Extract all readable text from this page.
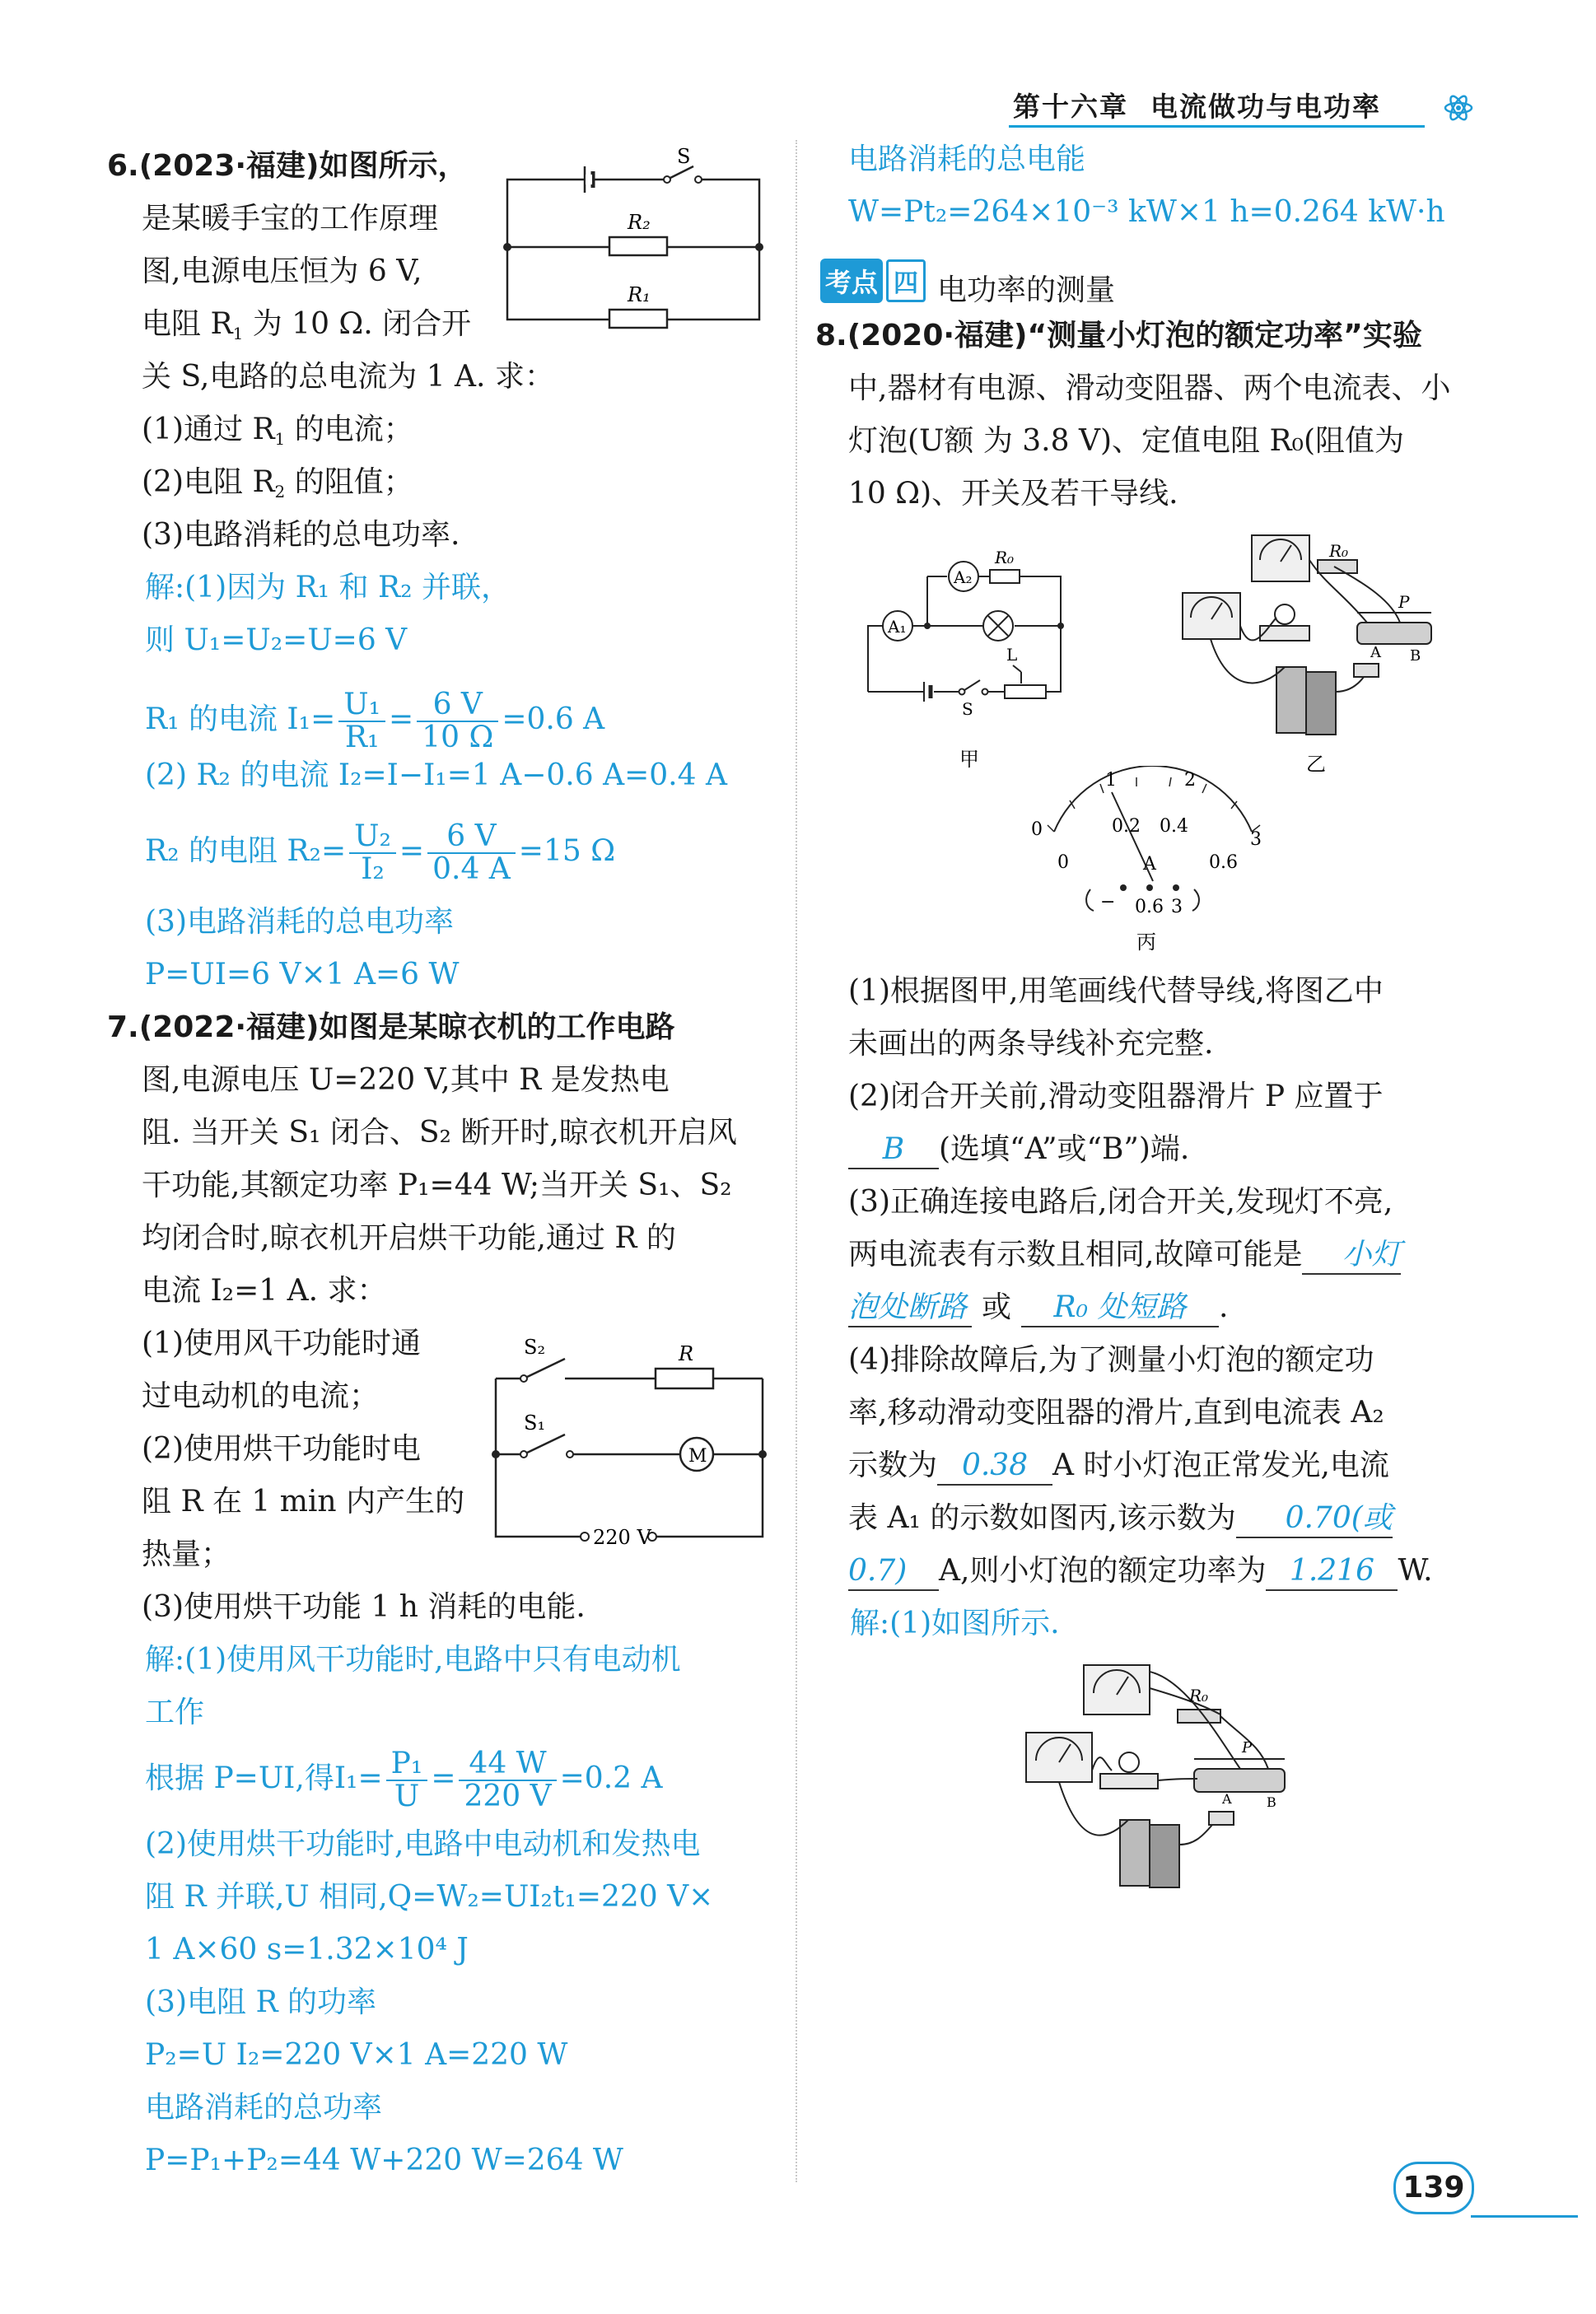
第十六章 电流做功与电功率
6.(2023·福建)如图所示，
是某暖手宝的工作原理
图,电源电压恒为 6 V,
电阻 $R_1$ 为 10 Ω. 闭合开
关 S,电路的总电流为 1 A. 求：
(1)通过 $R_1$ 的电流；
(2)电阻 $R_2$ 的阻值；
(3)电路消耗的总电功率.
S
R₂
R₁
解:(1)因为 R₁ 和 R₂ 并联，
则 U₁=U₂=U=6 V
R₁ 的电流 $I_1= \frac{\text{U₁}}{\text{R₁}} = \frac{6 V}{10 \Omega} =0.6$ A
(2) R₂ 的电流 I₂=I−I₁=1 A−0.6 A=0.4 A
R₂ 的电阻 $R_2= \frac{\text{U₂}}{\text{I₂}} = \frac{6 V}{0.4 A} =15$ Ω
(3)电路消耗的总电功率
P=UI=6 V×1 A=6 W
7.(2022·福建)如图是某晾衣机的工作电路
图,电源电压 U=220 V,其中 R 是发热电
阻. 当开关 S₁ 闭合、S₂ 断开时,晾衣机开启风
干功能,其额定功率 P₁=44 W;当开关 S₁、S₂
均闭合时,晾衣机开启烘干功能,通过 R 的
电流 I₂=1 A. 求：
(1)使用风干功能时通
过电动机的电流；
(2)使用烘干功能时电
阻 R 在 1 min 内产生的
热量；
(3)使用烘干功能 1 h 消耗的电能.
S₂
S₁
R
M
220 V
解:(1)使用风干功能时,电路中只有电动机
工作
根据 P=UI,得$I_1= \frac{\text{P₁}}{U} = \frac{44 W}{220 V} =0.2$ A
(2)使用烘干功能时,电路中电动机和发热电
阻 R 并联,U 相同,Q=W₂=UI₂t₁=220 V×
1 A×60 s=1.32×10⁴ J
(3)电阻 R 的功率
P₂=U I₂=220 V×1 A=220 W
电路消耗的总功率
P=P₁+P₂=44 W+220 W=264 W
电路消耗的总电能
W=Pt₂=264×10⁻³ kW×1 h=0.264 kW·h
考点 四 电功率的测量
8.(2020·福建)“测量小灯泡的额定功率”实验
中,器材有电源、滑动变阻器、两个电流表、小
灯泡(U额 为 3.8 V)、定值电阻 R₀(阻值为
10 Ω)、开关及若干导线.
A₁
A₂
R₀
L
S
甲
R₀
P
A B
乙
1	2
0	0.2 0.4
3
0	0.6
A
− 0.6 3
丙
(1)根据图甲,用笔画线代替导线,将图乙中
未画出的两条导线补充完整.
(2)闭合开关前,滑动变阻器滑片 P 应置于
B (选填“A”或“B”)端.
(3)正确连接电路后,闭合开关,发现灯不亮,
两电流表有示数且相同,故障可能是 小灯
泡处断路 或 R₀ 处短路 .
(4)排除故障后,为了测量小灯泡的额定功
率,移动滑动变阻器的滑片,直到电流表 A₂
示数为 0.38 A 时小灯泡正常发光,电流
表 A₁ 的示数如图丙,该示数为 0.70(或
0.7) A,则小灯泡的额定功率为 1.216 W.
解:(1)如图所示.
R₀
P
A	B
139
